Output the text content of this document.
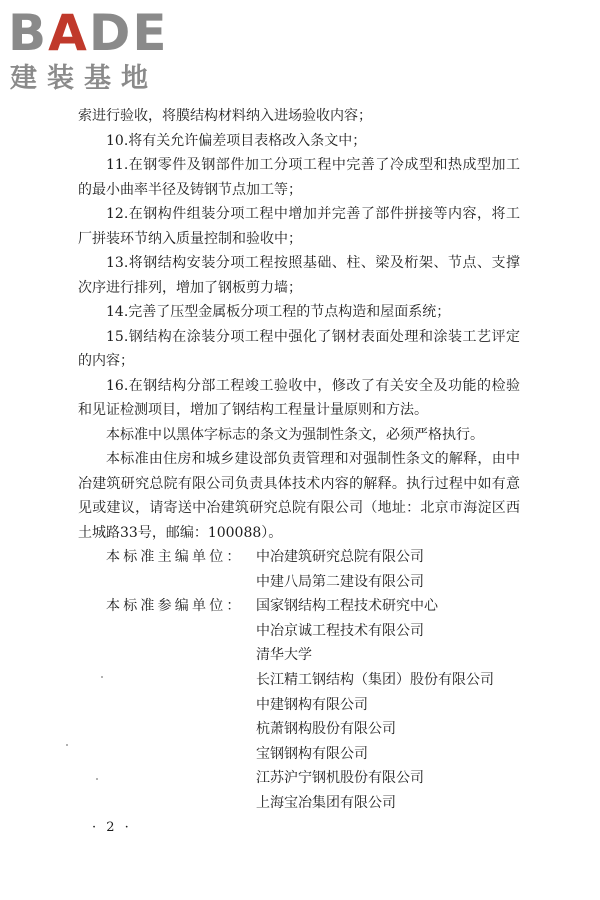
BADE
建装基地

索进行验收，将膜结构材料纳入进场验收内容；

10.将有关允许偏差项目表格改入条文中；

11.在钢零件及钢部件加工分项工程中完善了冷成型和热成型加工的最小曲率半径及铸钢节点加工等；

12.在钢构件组装分项工程中增加并完善了部件拼接等内容，将工厂拼装环节纳入质量控制和验收中；

13.将钢结构安装分项工程按照基础、柱、梁及桁架、节点、支撑次序进行排列，增加了钢板剪力墙；

14.完善了压型金属板分项工程的节点构造和屋面系统；

15.钢结构在涂装分项工程中强化了钢材表面处理和涂装工艺评定的内容；

16.在钢结构分部工程竣工验收中，修改了有关安全及功能的检验和见证检测项目，增加了钢结构工程量计量原则和方法。

本标准中以黑体字标志的条文为强制性条文，必须严格执行。

本标准由住房和城乡建设部负责管理和对强制性条文的解释，由中冶建筑研究总院有限公司负责具体技术内容的解释。执行过程中如有意见或建议，请寄送中冶建筑研究总院有限公司（地址：北京市海淀区西土城路33号，邮编：100088）。

本标准主编单位： 中冶建筑研究总院有限公司
中建八局第二建设有限公司
本标准参编单位： 国家钢结构工程技术研究中心
中冶京诚工程技术有限公司
清华大学
长江精工钢结构（集团）股份有限公司
中建钢构有限公司
杭萧钢构股份有限公司
宝钢钢构有限公司
江苏沪宁钢机股份有限公司
上海宝冶集团有限公司
· 2 ·
